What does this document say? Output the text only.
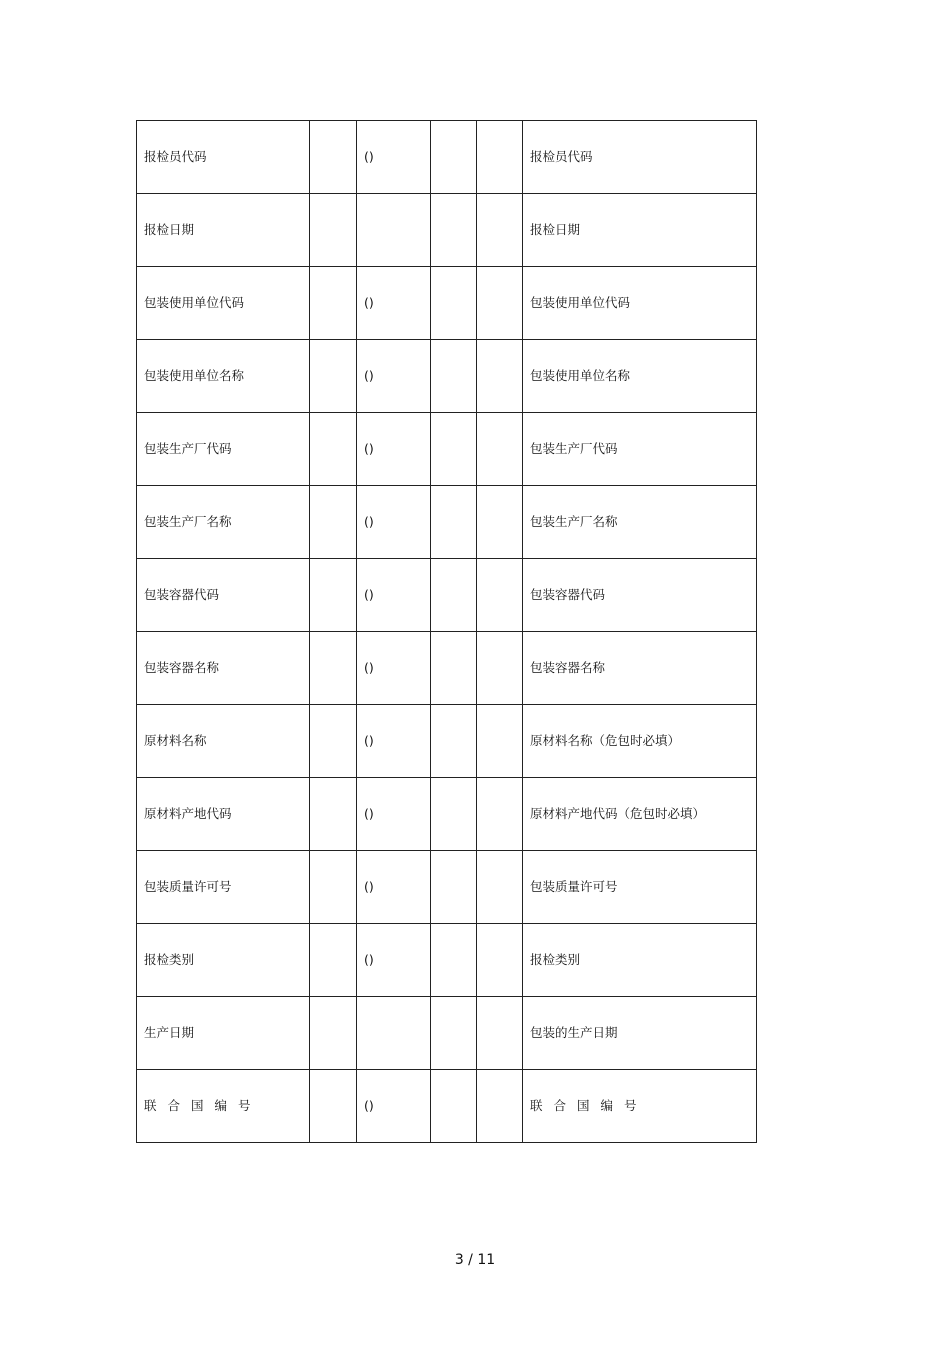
报检员代码		()			报检员代码
报检日期					报检日期
包装使用单位代码		()			包装使用单位代码
包装使用单位名称		()			包装使用单位名称
包装生产厂代码		()			包装生产厂代码
包装生产厂名称		()			包装生产厂名称
包装容器代码		()			包装容器代码
包装容器名称		()			包装容器名称
原材料名称		()			原材料名称（危包时必填）
原材料产地代码		()			原材料产地代码（危包时必填）
包装质量许可号		()			包装质量许可号
报检类别		()			报检类别
生产日期					包装的生产日期
联合国编号		()			联合国编号
3 / 11
